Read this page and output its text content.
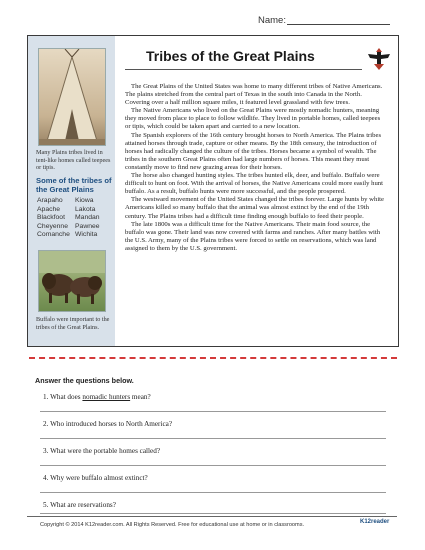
Name:
Many Plains tribes lived in tent-like homes called teepees or tipis.
Some of the tribes of the Great Plains
Arapaho	Kiowa
Apache	Lakota
Blackfoot	Mandan
Cheyenne	Pawnee
Comanche Wichita
Buffalo were important to the tribes of the Great Plains.
Tribes of the Great Plains

The Great Plains of the United States was home to many different tribes of Native Americans. The plains stretched from the central part of Texas in the south into Canada in the North. Covering over a half million square miles, it featured level grassland with few trees.

The Native Americans who lived on the Great Plains were mostly nomadic hunters, meaning they moved from place to place to follow wildlife. They lived in portable homes, called teepees or tipis, which could be taken apart and carried to a new location.

The Spanish explorers of the 16th century brought horses to North America. The Plains tribes attained horses through trade, capture or other means. By the 18th censury, the introduction of horses had radically changed the culture of the tribes. Horses became a symbol of wealth. The tribes in the southern Great Plains often had large numbers of horses. This meant they must constantly move to find new grazing areas for their horses.

The horse also changed hunting styles. The tribes hunted elk, deer, and buffalo. Buffalo were difficult to hunt on foot. With the arrival of horses, the Native Americans could more easily hunt buffalo. As a result, buffalo hunts were more successful, and the people prospered.

The westward movement of the United States changed the tribes forever. Large hunts by white Americans killed so many buffalo that the animal was almost extinct by the end of the 19th century. The Plains tribes had a difficult time finding enough buffalo to feed their people.

The late 1800s was a difficult time for the Native Americans. Their main food source, the buffalo was gone. Their land was now covered with farms and ranches. After many battles with the U.S. Army, many of the Plains tribes were forced to settle on reservations, which was land assigned to them by the U.S. government.

Answer the questions below.
1. What does nomadic hunters mean?
2. Who introduced horses to North America?
3. What were the portable homes called?
4. Why were buffalo almost extinct?
5. What are reservations?
Copyright © 2014 K12reader.com. All Rights Reserved. Free for educational use at home or in classrooms.	K12reader
